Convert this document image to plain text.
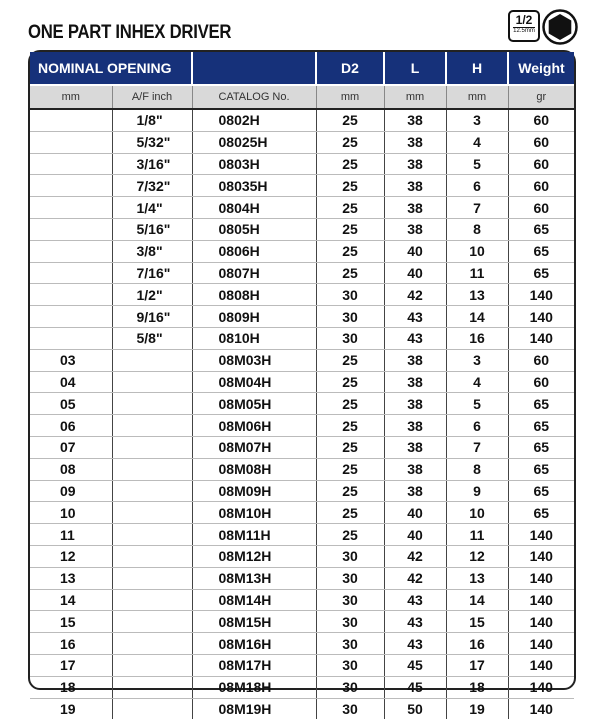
ONE PART INHEX DRIVER
1/2
12.5mm
NOMINAL OPENING			D2	L	H	Weight
mm	A/F inch	CATALOG No.	mm	mm	mm	gr
	1/8"	0802H	25	38	3	60
	5/32"	08025H	25	38	4	60
	3/16"	0803H	25	38	5	60
	7/32"	08035H	25	38	6	60
	1/4"	0804H	25	38	7	60
	5/16"	0805H	25	38	8	65
	3/8"	0806H	25	40	10	65
	7/16"	0807H	25	40	11	65
	1/2"	0808H	30	42	13	140
	9/16"	0809H	30	43	14	140
	5/8"	0810H	30	43	16	140
03		08M03H	25	38	3	60
04		08M04H	25	38	4	60
05		08M05H	25	38	5	65
06		08M06H	25	38	6	65
07		08M07H	25	38	7	65
08		08M08H	25	38	8	65
09		08M09H	25	38	9	65
10		08M10H	25	40	10	65
11		08M11H	25	40	11	140
12		08M12H	30	42	12	140
13		08M13H	30	42	13	140
14		08M14H	30	43	14	140
15		08M15H	30	43	15	140
16		08M16H	30	43	16	140
17		08M17H	30	45	17	140
18		08M18H	30	45	18	140
19		08M19H	30	50	19	140
